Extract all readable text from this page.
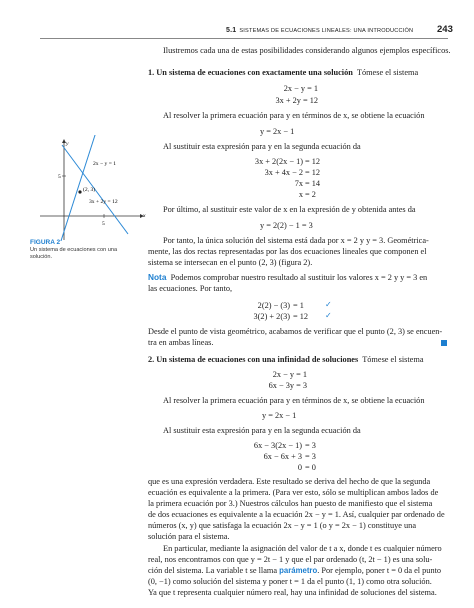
5.1 SISTEMAS DE ECUACIONES LINEALES: UNA INTRODUCCIÓN 243
Ilustremos cada una de estas posibilidades considerando algunos ejemplos específicos.
1. Un sistema de ecuaciones con exactamente una solución Tómese el sistema
2x − y = 1
3x + 2y = 12
Al resolver la primera ecuación para y en términos de x, se obtiene la ecuación
y = 2x − 1
Al sustituir esta expresión para y en la segunda ecuación da
3x + 2(2x − 1) = 12
3x + 4x − 2 = 12
7x = 14
x = 2
Por último, al sustituir este valor de x en la expresión de y obtenida antes da
y = 2(2) − 1 = 3
Por tanto, la única solución del sistema está dada por x = 2 y y = 3. Geométrica-
mente, las dos rectas representadas por las dos ecuaciones lineales que componen el
sistema se intersecan en el punto (2, 3) (figura 2).
y
x
5
5
2x − y = 1
(2, 3)
3x + 2y = 12
FIGURA 2
Un sistema de ecuaciones con una
solución.
Nota Podemos comprobar nuestro resultado al sustituir los valores x = 2 y y = 3 en
las ecuaciones. Por tanto,
2(2) − (3) = 1	✓
3(2) + 2(3) = 12 ✓
Desde el punto de vista geométrico, acabamos de verificar que el punto (2, 3) se encuen-
tra en ambas líneas.
2. Un sistema de ecuaciones con una infinidad de soluciones Tómese el sistema
2x − y = 1
6x − 3y = 3
Al resolver la primera ecuación para y en términos de x, se obtiene la ecuación
y = 2x − 1
Al sustituir esta expresión para y en la segunda ecuación da
6x − 3(2x − 1) = 3
6x − 6x + 3 = 3
0 = 0
que es una expresión verdadera. Este resultado se deriva del hecho de que la segunda
ecuación es equivalente a la primera. (Para ver esto, sólo se multiplican ambos lados de
la primera ecuación por 3.) Nuestros cálculos han puesto de manifiesto que el sistema
de dos ecuaciones es equivalente a la ecuación 2x − y = 1. Así, cualquier par ordenado de
números (x, y) que satisfaga la ecuación 2x − y = 1 (o y = 2x − 1) constituye una
solución para el sistema.
En particular, mediante la asignación del valor de t a x, donde t es cualquier número
real, nos encontramos con que y = 2t − 1 y que el par ordenado (t, 2t − 1) es una solu-
ción del sistema. La variable t se llama parámetro. Por ejemplo, poner t = 0 da el punto
(0, −1) como solución del sistema y poner t = 1 da el punto (1, 1) como otra solución.
Ya que t representa cualquier número real, hay una infinidad de soluciones del sistema.
